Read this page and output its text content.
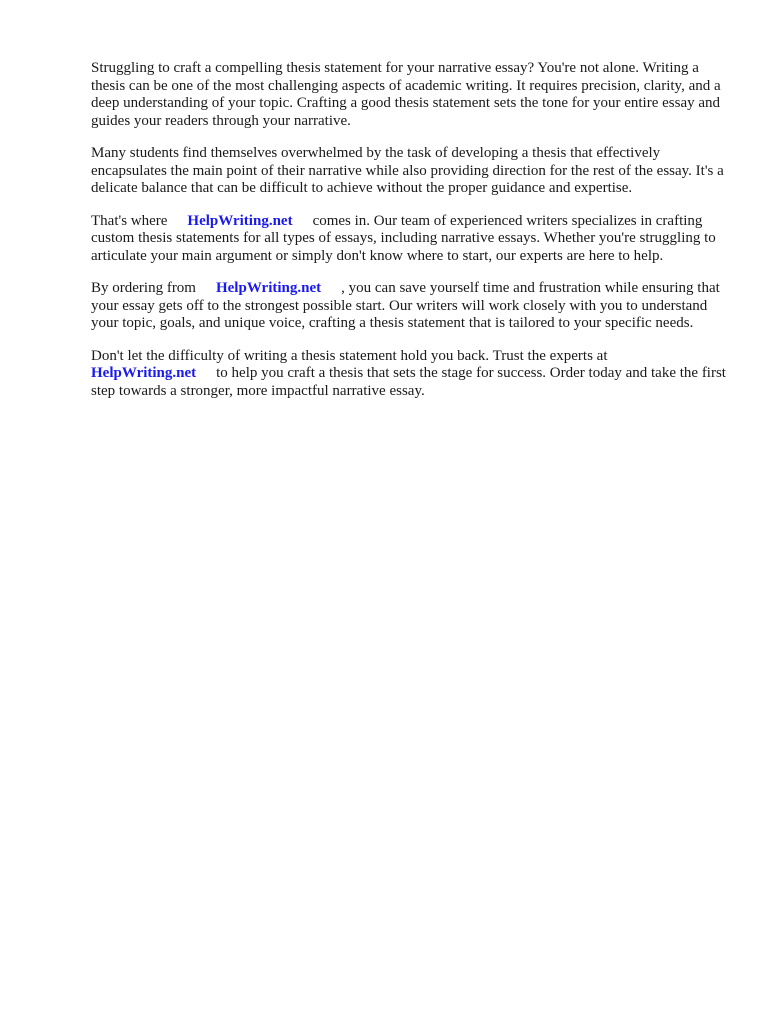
Struggling to craft a compelling thesis statement for your narrative essay? You're not alone. Writing a thesis can be one of the most challenging aspects of academic writing. It requires precision, clarity, and a deep understanding of your topic. Crafting a good thesis statement sets the tone for your entire essay and guides your readers through your narrative.

Many students find themselves overwhelmed by the task of developing a thesis that effectively encapsulates the main point of their narrative while also providing direction for the rest of the essay. It's a delicate balance that can be difficult to achieve without the proper guidance and expertise.

That's where HelpWriting.net comes in. Our team of experienced writers specializes in crafting custom thesis statements for all types of essays, including narrative essays. Whether you're struggling to articulate your main argument or simply don't know where to start, our experts are here to help.

By ordering from HelpWriting.net , you can save yourself time and frustration while ensuring that your essay gets off to the strongest possible start. Our writers will work closely with you to understand your topic, goals, and unique voice, crafting a thesis statement that is tailored to your specific needs.

Don't let the difficulty of writing a thesis statement hold you back. Trust the experts at
HelpWriting.net to help you craft a thesis that sets the stage for success. Order today and take the first step towards a stronger, more impactful narrative essay.
